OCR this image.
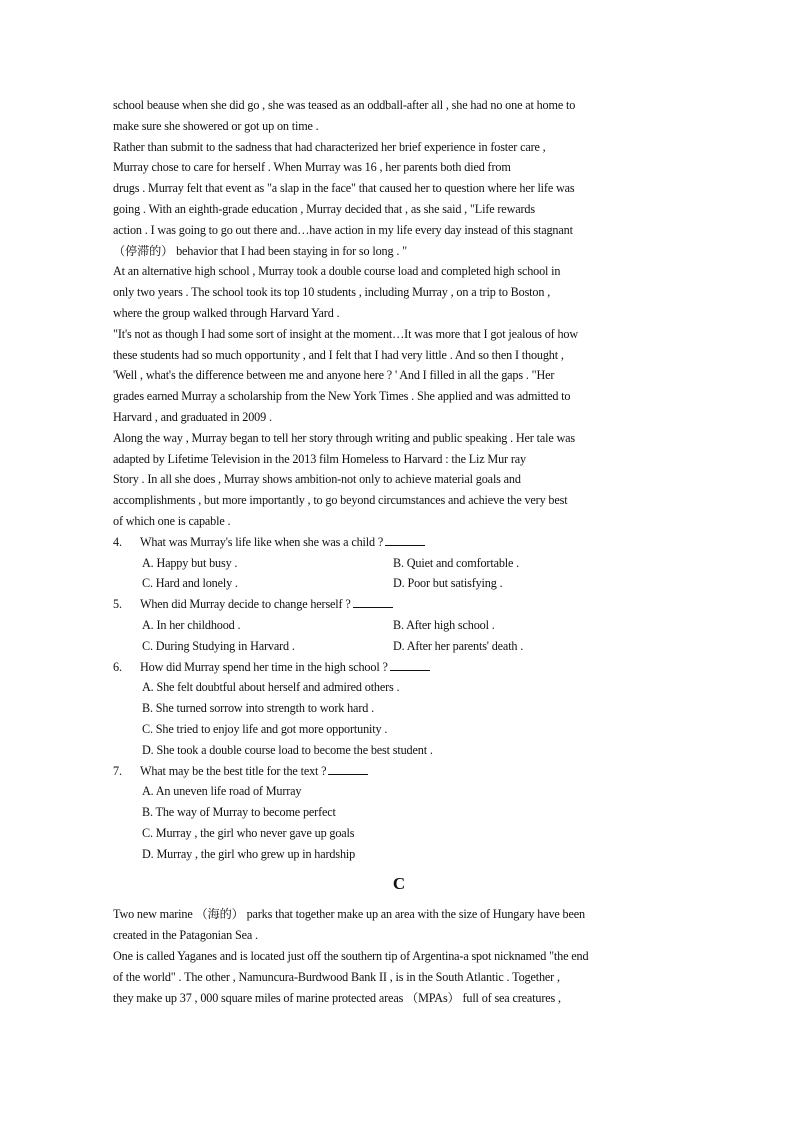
school beause when she did go , she was teased as an oddball-after all , she had no one at home to
make sure she showered or got up on time .
Rather than submit to the sadness that had characterized her brief experience in foster care ,
Murray chose to care for herself . When Murray was 16 , her parents both died from
drugs . Murray felt that event as "a slap in the face" that caused her to question where her life was
going . With an eighth-grade education , Murray decided that , as she said , "Life rewards
action . I was going to go out there and…have action in my life every day instead of this stagnant
（停滞的） behavior that I had been staying in for so long . "
At an alternative high school , Murray took a double course load and completed high school in
only two years . The school took its top 10 students , including Murray , on a trip to Boston ,
where the group walked through Harvard Yard .
"It's not as though I had some sort of insight at the moment…It was more that I got jealous of how
these students had so much opportunity , and I felt that I had very little . And so then I thought ,
'Well , what's the difference between me and anyone here ? ' And I filled in all the gaps . "Her
grades earned Murray a scholarship from the New York Times . She applied and was admitted to
Harvard , and graduated in 2009 .
Along the way , Murray began to tell her story through writing and public speaking . Her tale was
adapted by Lifetime Television in the 2013 film Homeless to Harvard : the Liz Mur ray
Story . In all she does , Murray shows ambition-not only to achieve material goals and
accomplishments , but more importantly , to go beyond circumstances and achieve the very best
of which one is capable .
4. What was Murray's life like when she was a child ?
A. Happy but busy .	B. Quiet and comfortable .
C. Hard and lonely .	D. Poor but satisfying .
5. When did Murray decide to change herself ?
A. In her childhood .	B. After high school .
C. During Studying in Harvard .	D. After her parents' death .
6. How did Murray spend her time in the high school ?
A. She felt doubtful about herself and admired others .
B. She turned sorrow into strength to work hard .
C. She tried to enjoy life and got more opportunity .
D. She took a double course load to become the best student .
7. What may be the best title for the text ?
A. An uneven life road of Murray
B. The way of Murray to become perfect
C. Murray , the girl who never gave up goals
D. Murray , the girl who grew up in hardship
C
Two new marine （海的） parks that together make up an area with the size of Hungary have been
created in the Patagonian Sea .
One is called Yaganes and is located just off the southern tip of Argentina-a spot nicknamed "the end
of the world" . The other , Namuncura-Burdwood Bank II , is in the South Atlantic . Together ,
they make up 37 , 000 square miles of marine protected areas （MPAs） full of sea creatures ,
